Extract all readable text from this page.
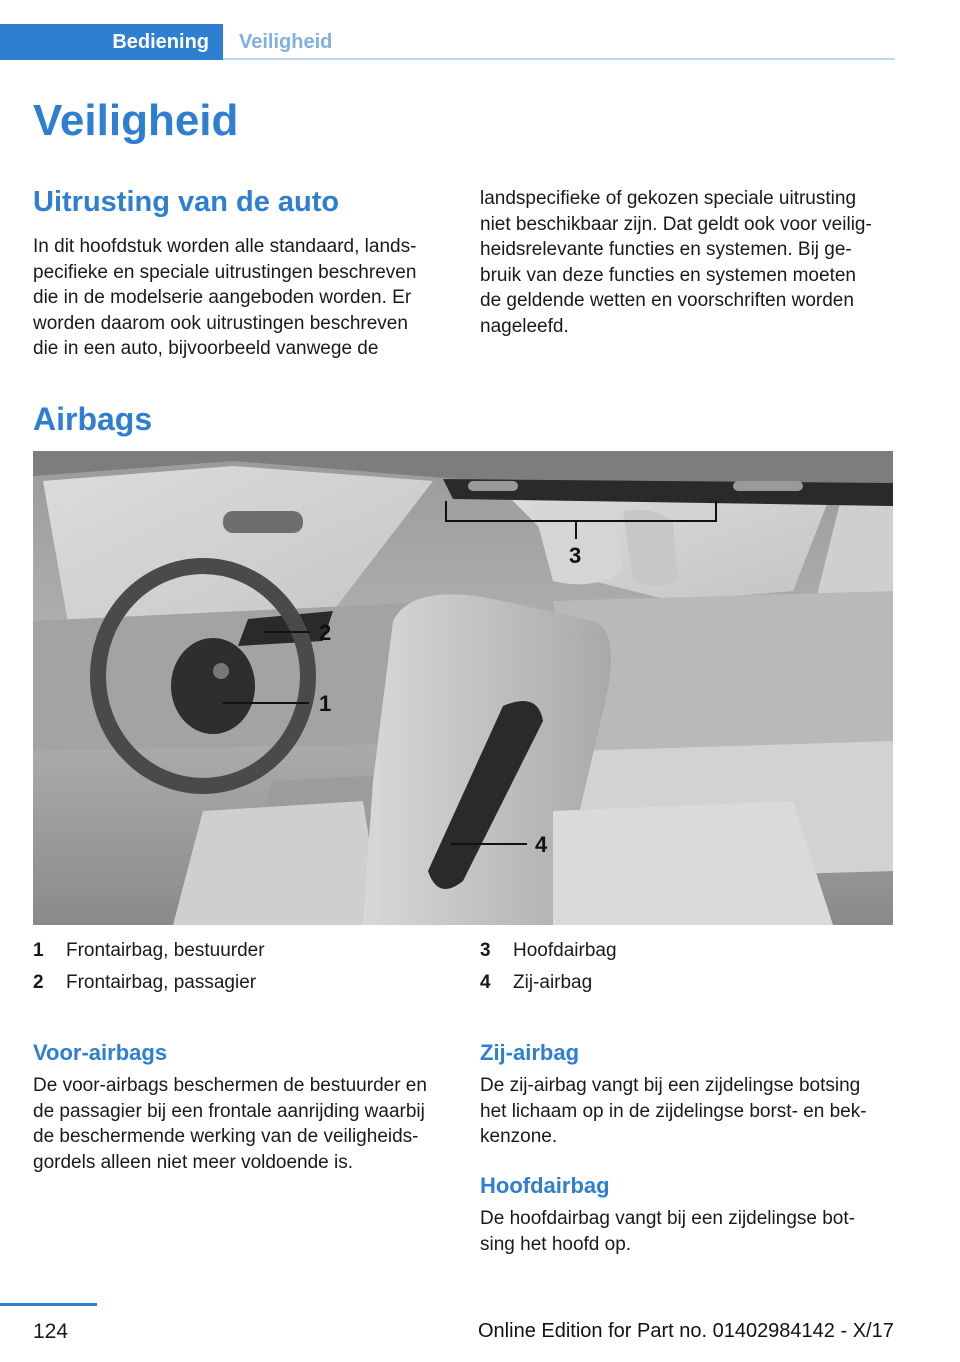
Bediening	Veiligheid
Veiligheid
Uitrusting van de auto

In dit hoofdstuk worden alle standaard, lands‐
pecifieke en speciale uitrustingen beschreven
die in de modelserie aangeboden worden. Er
worden daarom ook uitrustingen beschreven
die in een auto, bijvoorbeeld vanwege de

landspecifieke of gekozen speciale uitrusting
niet beschikbaar zijn. Dat geldt ook voor veilig‐
heidsrelevante functies en systemen. Bij ge‐
bruik van deze functies en systemen moeten
de geldende wetten en voorschriften worden
nageleefd.

Airbags
1
2
3
4
1 Frontairbag, bestuurder
2 Frontairbag, passagier
3 Hoofdairbag
4 Zij-airbag
Voor-airbags

De voor-airbags beschermen de bestuurder en
de passagier bij een frontale aanrijding waarbij
de beschermende werking van de veiligheids‐
gordels alleen niet meer voldoende is.

Zij-airbag

De zij-airbag vangt bij een zijdelingse botsing
het lichaam op in de zijdelingse borst- en bek‐
kenzone.

Hoofdairbag

De hoofdairbag vangt bij een zijdelingse bot‐
sing het hoofd op.

124	Online Edition for Part no. 01402984142 - X/17
